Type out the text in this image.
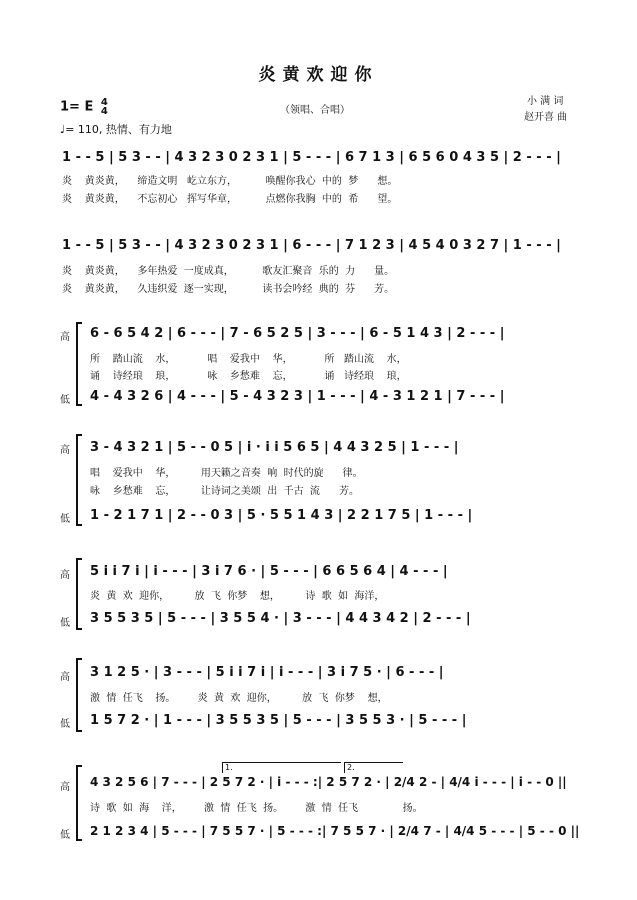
炎黄欢迎你
1= E 4
4
♩= 110, 热情、有力地
（领唱、合唱）
小 满 词
赵开喜 曲
1 - - 5 | 5 3 - - | 4 3 2 3 0 2 3 1 | 5 - - - | 6 7 1 3 | 6 5 6 0 4 3 5 | 2 - - - |
炎    黄炎黄，    缔造文明   屹立东方，         唤醒你我心  中的  梦      想。
炎    黄炎黄，    不忘初心   挥写华章，         点燃你我胸  中的  希      望。
1 - - 5 | 5 3 - - | 4 3 2 3 0 2 3 1 | 6 - - - | 7 1 2 3 | 4 5 4 0 3 2 7 | 1 - - - |
炎    黄炎黄，    多年热爱  一度成真，         歌友汇聚音  乐的  力      量。
炎    黄炎黄，    久违织爱  逐一实现，         读书会吟经  典的  芬      芳。
高
低
6 - 6 5 4 2 | 6 - - - | 7 - 6 5 2 5 | 3 - - - | 6 - 5 1 4 3 | 2 - - - |
所    踏山流    水，          唱    爱我中    华，          所   踏山流    水，
诵    诗经琅    琅，          咏    乡愁难    忘，          诵   诗经琅    琅，
4 - 4 3 2 6 | 4 - - - | 5 - 4 3 2 3 | 1 - - - | 4 - 3 1 2 1 | 7 - - - |
高
低
3 - 4 3 2 1 | 5 - - 0 5 | i · i i 5 6 5 | 4 4 3 2 5 | 1 - - - |
唱    爱我中    华，        用天籁之音奏  响  时代的旋      律。
咏    乡愁难    忘，        让诗词之美颂  出  千古  流      芳。
1 - 2 1 7 1 | 2 - - 0 3 | 5 · 5 5 1 4 3 | 2 2 1 7 5 | 1 - - - |
高
低
5 i i 7 i | i - - - | 3 i 7 6 · | 5 - - - | 6 6 5 6 4 | 4 - - - |
炎  黄  欢  迎你，        放  飞  你梦    想，        诗  歌  如  海洋，
3 5 5 3 5 | 5 - - - | 3 5 5 4 · | 3 - - - | 4 4 3 4 2 | 2 - - - |
高
低
3 1 2 5 · | 3 - - - | 5 i i 7 i | i - - - | 3 i 7 5 · | 6 - - - |
激  情  任飞    扬。       炎  黄  欢  迎你，        放  飞  你梦    想，
1 5 7 2 · | 1 - - - | 3 5 5 3 5 | 5 - - - | 3 5 5 3 · | 5 - - - |
高
低
1.	2.
4 3 2 5 6 | 7 - - - | 2 5 7 2 · | i - - - :| 2 5 7 2 · | 2/4 2 - | 4/4 i - - - | i - - 0 ||
诗  歌  如  海    洋，       激  情  任飞  扬。       激  情  任飞              扬。
2 1 2 3 4 | 5 - - - | 7 5 5 7 · | 5 - - - :| 7 5 5 7 · | 2/4 7 - | 4/4 5 - - - | 5 - - 0 ||
